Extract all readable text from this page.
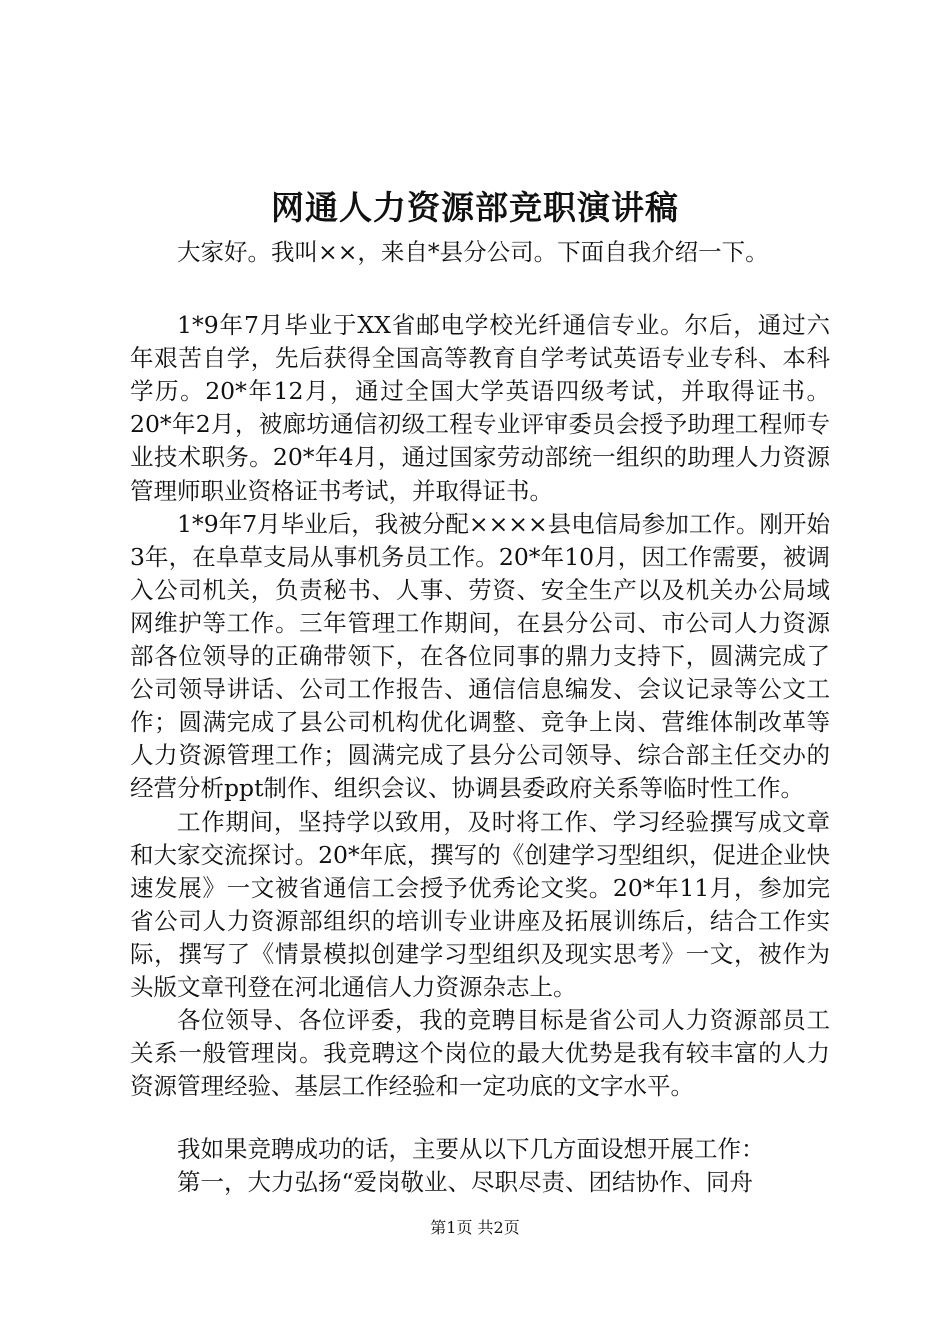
网通人力资源部竞职演讲稿

大家好。我叫××，来自*县分公司。下面自我介绍一下。

1*9年7月毕业于XX省邮电学校光纤通信专业。尔后，通过六年艰苦自学，先后获得全国高等教育自学考试英语专业专科、本科学历。20*年12月，通过全国大学英语四级考试，并取得证书。20*年2月，被廊坊通信初级工程专业评审委员会授予助理工程师专业技术职务。20*年4月，通过国家劳动部统一组织的助理人力资源管理师职业资格证书考试，并取得证书。

1*9年7月毕业后，我被分配××××县电信局参加工作。刚开始3年，在阜草支局从事机务员工作。20*年10月，因工作需要，被调入公司机关，负责秘书、人事、劳资、安全生产以及机关办公局域网维护等工作。三年管理工作期间，在县分公司、市公司人力资源部各位领导的正确带领下，在各位同事的鼎力支持下，圆满完成了公司领导讲话、公司工作报告、通信信息编发、会议记录等公文工作；圆满完成了县公司机构优化调整、竞争上岗、营维体制改革等人力资源管理工作；圆满完成了县分公司领导、综合部主任交办的经营分析ppt制作、组织会议、协调县委政府关系等临时性工作。

工作期间，坚持学以致用，及时将工作、学习经验撰写成文章和大家交流探讨。20*年底，撰写的《创建学习型组织，促进企业快速发展》一文被省通信工会授予优秀论文奖。20*年11月，参加完省公司人力资源部组织的培训专业讲座及拓展训练后，结合工作实际，撰写了《情景模拟创建学习型组织及现实思考》一文，被作为头版文章刊登在河北通信人力资源杂志上。

各位领导、各位评委，我的竞聘目标是省公司人力资源部员工关系一般管理岗。我竞聘这个岗位的最大优势是我有较丰富的人力资源管理经验、基层工作经验和一定功底的文字水平。

我如果竞聘成功的话，主要从以下几方面设想开展工作：

第一，大力弘扬“爱岗敬业、尽职尽责、团结协作、同舟

第1页 共2页
